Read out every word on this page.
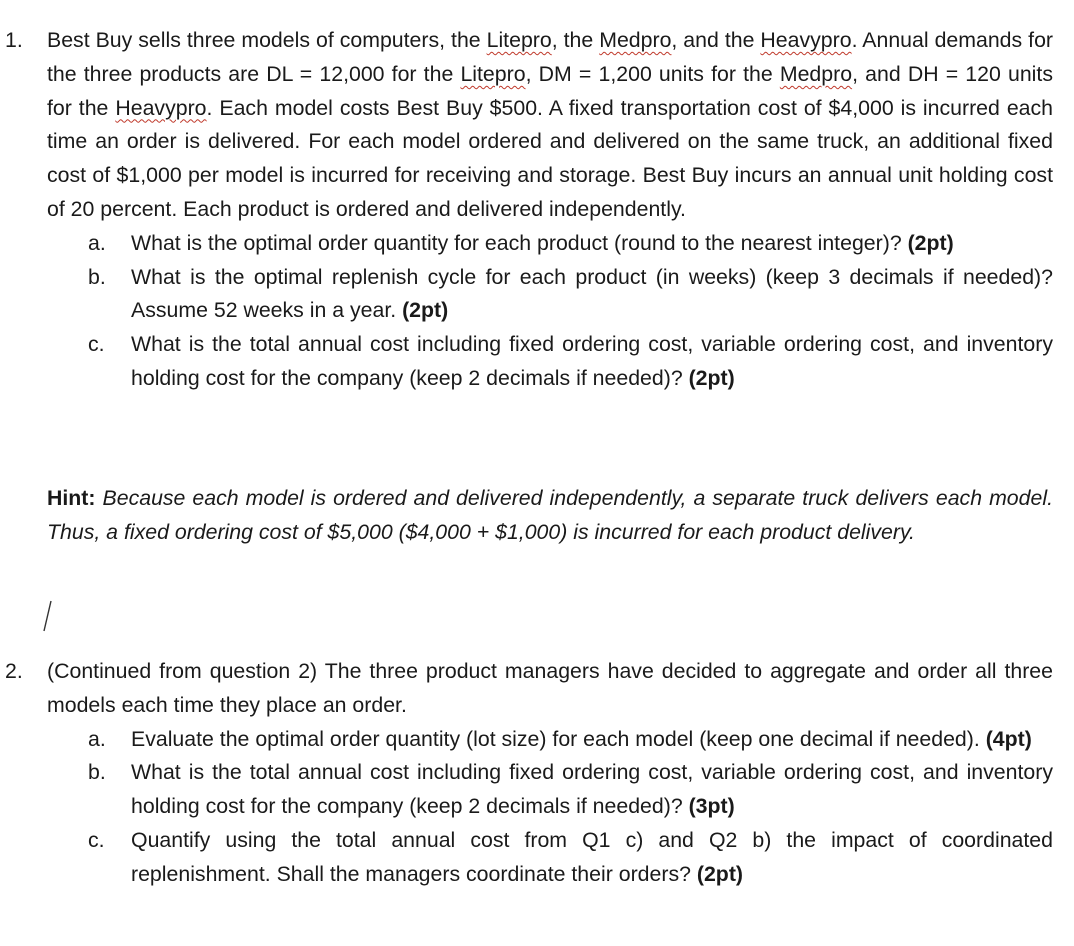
1. Best Buy sells three models of computers, the Litepro, the Medpro, and the Heavypro. Annual demands for the three products are DL = 12,000 for the Litepro, DM = 1,200 units for the Medpro, and DH = 120 units for the Heavypro. Each model costs Best Buy $500. A fixed transportation cost of $4,000 is incurred each time an order is delivered. For each model ordered and delivered on the same truck, an additional fixed cost of $1,000 per model is incurred for receiving and storage. Best Buy incurs an annual unit holding cost of 20 percent. Each product is ordered and delivered independently.
a. What is the optimal order quantity for each product (round to the nearest integer)? (2pt)
b. What is the optimal replenish cycle for each product (in weeks) (keep 3 decimals if needed)? Assume 52 weeks in a year. (2pt)
c. What is the total annual cost including fixed ordering cost, variable ordering cost, and inventory holding cost for the company (keep 2 decimals if needed)? (2pt)
Hint: Because each model is ordered and delivered independently, a separate truck delivers each model. Thus, a fixed ordering cost of $5,000 ($4,000 + $1,000) is incurred for each product delivery.
2. (Continued from question 2) The three product managers have decided to aggregate and order all three models each time they place an order.
a. Evaluate the optimal order quantity (lot size) for each model (keep one decimal if needed). (4pt)
b. What is the total annual cost including fixed ordering cost, variable ordering cost, and inventory holding cost for the company (keep 2 decimals if needed)? (3pt)
c. Quantify using the total annual cost from Q1 c) and Q2 b) the impact of coordinated replenishment. Shall the managers coordinate their orders? (2pt)
